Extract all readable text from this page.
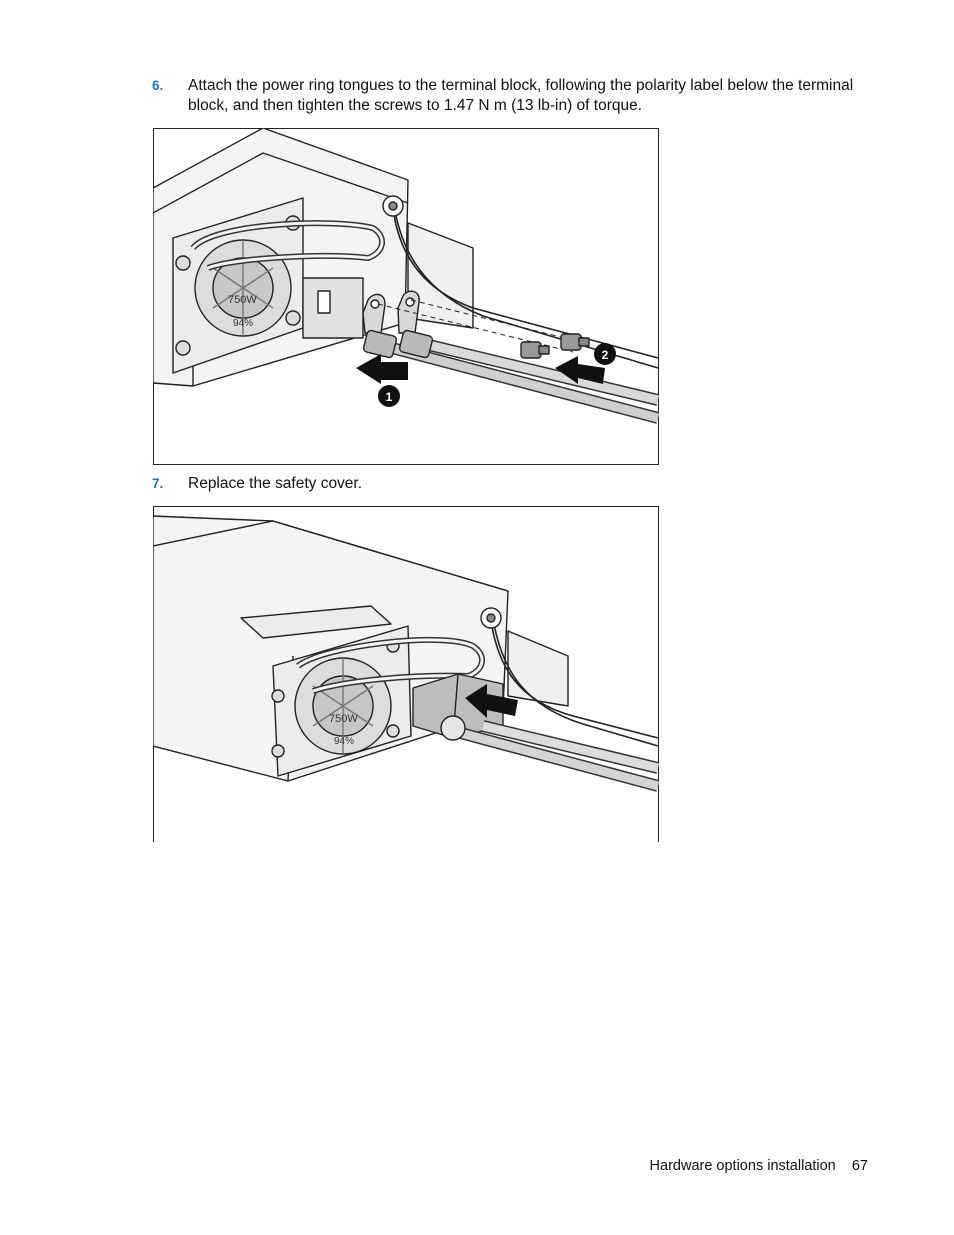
6. Attach the power ring tongues to the terminal block, following the polarity label below the terminal block, and then tighten the screws to 1.47 N m (13 lb-in) of torque.
1
2
750W
94%
7. Replace the safety cover.
750W
94%
Hardware options installation 67
